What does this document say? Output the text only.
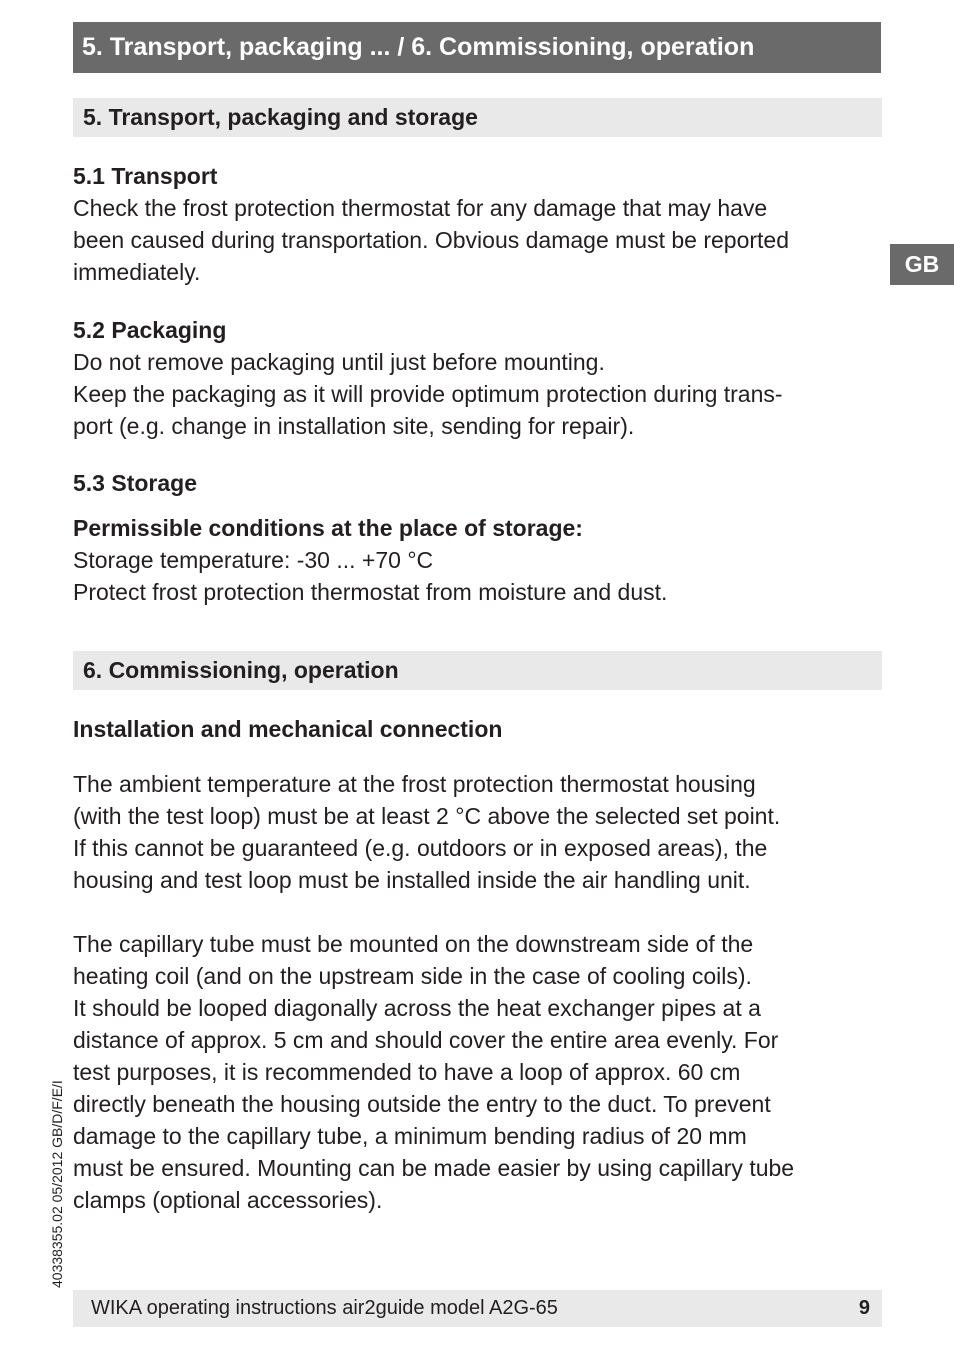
5. Transport, packaging ... / 6. Commissioning, operation
GB
5. Transport, packaging and storage
5.1 Transport
Check the frost protection thermostat for any damage that may have
been caused during transportation. Obvious damage must be reported
immediately.
5.2 Packaging
Do not remove packaging until just before mounting.
Keep the packaging as it will provide optimum protection during trans-
port (e.g. change in installation site, sending for repair).
5.3 Storage
Permissible conditions at the place of storage:
Storage temperature: -30 ... +70 °C
Protect frost protection thermostat from moisture and dust.
6. Commissioning, operation
Installation and mechanical connection
The ambient temperature at the frost protection thermostat housing
(with the test loop) must be at least 2 °C above the selected set point.
If this cannot be guaranteed (e.g. outdoors or in exposed areas), the
housing and test loop must be installed inside the air handling unit.
The capillary tube must be mounted on the downstream side of the
heating coil (and on the upstream side in the case of cooling coils).
It should be looped diagonally across the heat exchanger pipes at a
distance of approx. 5 cm and should cover the entire area evenly. For
test purposes, it is recommended to have a loop of approx. 60 cm
directly beneath the housing outside the entry to the duct. To prevent
damage to the capillary tube, a minimum bending radius of 20 mm
must be ensured. Mounting can be made easier by using capillary tube
clamps (optional accessories).
40338355.02 05/2012 GB/D/F/E/I
WIKA operating instructions air2guide model A2G-65	9
